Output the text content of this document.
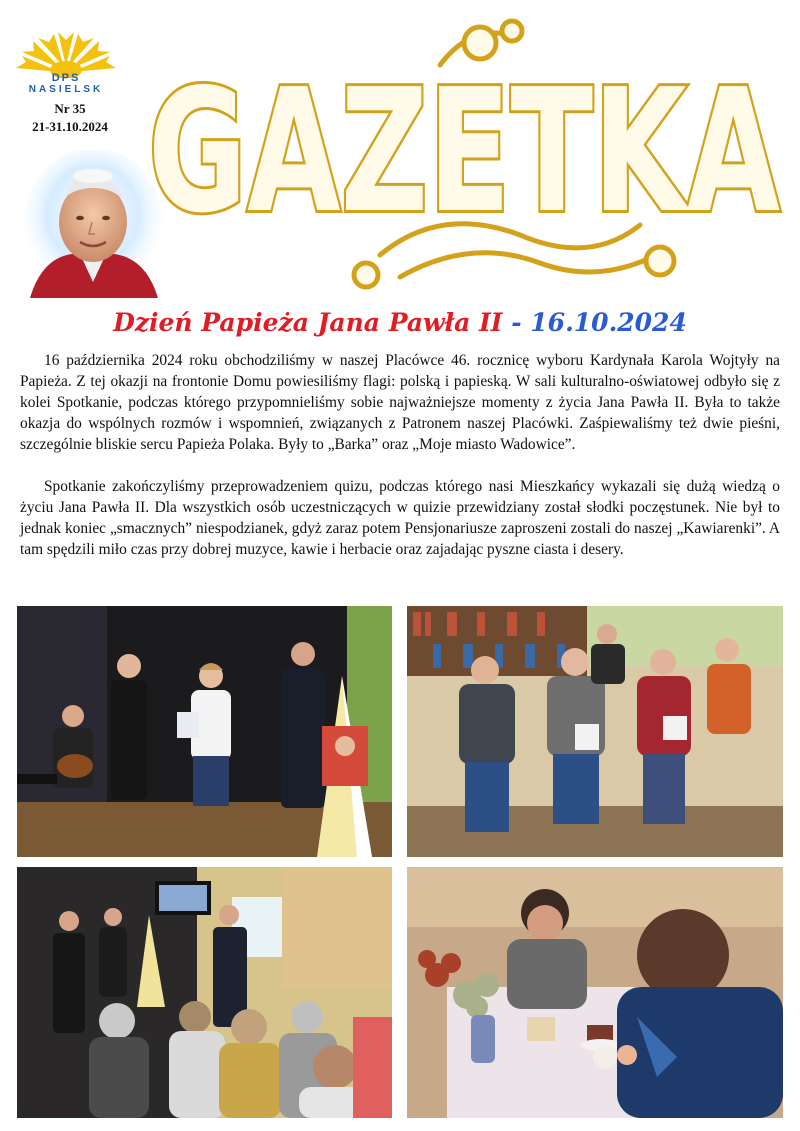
DPS
NASIELSK
Nr 35
21-31.10.2024 GAZETKA
Dzień Papieża Jana Pawła II - 16.10.2024

16 października 2024 roku obchodziliśmy w naszej Placówce 46. rocznicę wyboru Kardynała Karola Wojtyły na Papieża. Z tej okazji na frontonie Domu powiesiliśmy flagi: polską i papieską. W sali kulturalno-oświatowej odbyło się z kolei Spotkanie, podczas którego przypomnieliśmy sobie najważniejsze momenty z życia Jana Pawła II. Była to także okazja do wspólnych rozmów i wspomnień, związanych z Patronem naszej Placówki. Zaśpiewaliśmy też dwie pieśni, szczególnie bliskie sercu Papieża Polaka. Były to „Barka” oraz „Moje miasto Wadowice”.

Spotkanie zakończyliśmy przeprowadzeniem quizu, podczas którego nasi Mieszkańcy wykazali się dużą wiedzą o życiu Jana Pawła II. Dla wszystkich osób uczestniczących w quizie przewidziany został słodki poczęstunek. Nie był to jednak koniec „smacznych” niespodzianek, gdyż zaraz potem Pensjonariusze zaproszeni zostali do naszej „Kawiarenki”. A tam spędzili miło czas przy dobrej muzyce, kawie i herbacie oraz zajadając pyszne ciasta i desery.
